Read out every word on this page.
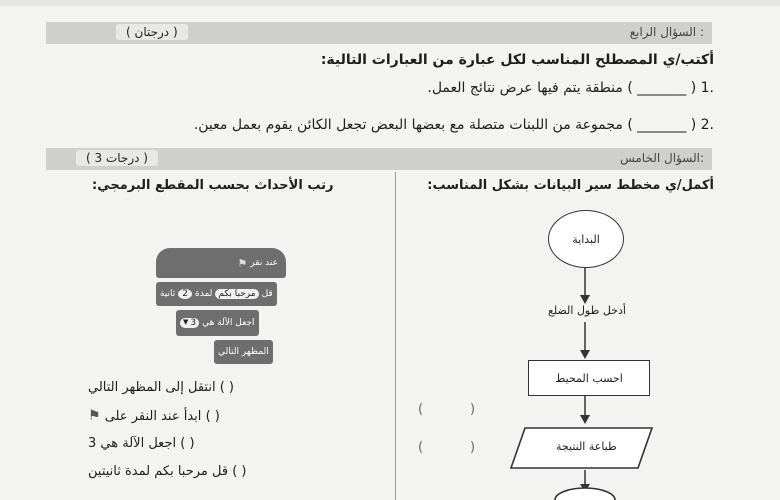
السؤال الرابع :
( درجتان )
أكتب/ي المصطلح المناسب لكل عبارة من العبارات التالية:
.1 ( _______ ) منطقة يتم فيها عرض نتائج العمل.
.2 ( _______ ) مجموعة من اللبنات متصلة مع بعضها البعض تجعل الكائن يقوم بعمل معين.
السؤال الخامس:
( 3 درجات )
أكمل/ي مخطط سير البيانات بشكل المناسب:
رتب الأحداث بحسب المقطع البرمجي:
البداية
أدخل طول الضلع
احسب المحيط
طباعة النتيجة
(	)
(	)
⚑ عند نقر
قل
مرحبا بكم
لمدة
2
ثانية
اجعل الآلة هي
▼ 3
المظهر التالي
( ) انتقل إلى المظهر التالي
( ) ابدأ عند النقر على ⚑
( ) اجعل الآلة هي 3
( ) قل مرحبا بكم لمدة ثانيتين
